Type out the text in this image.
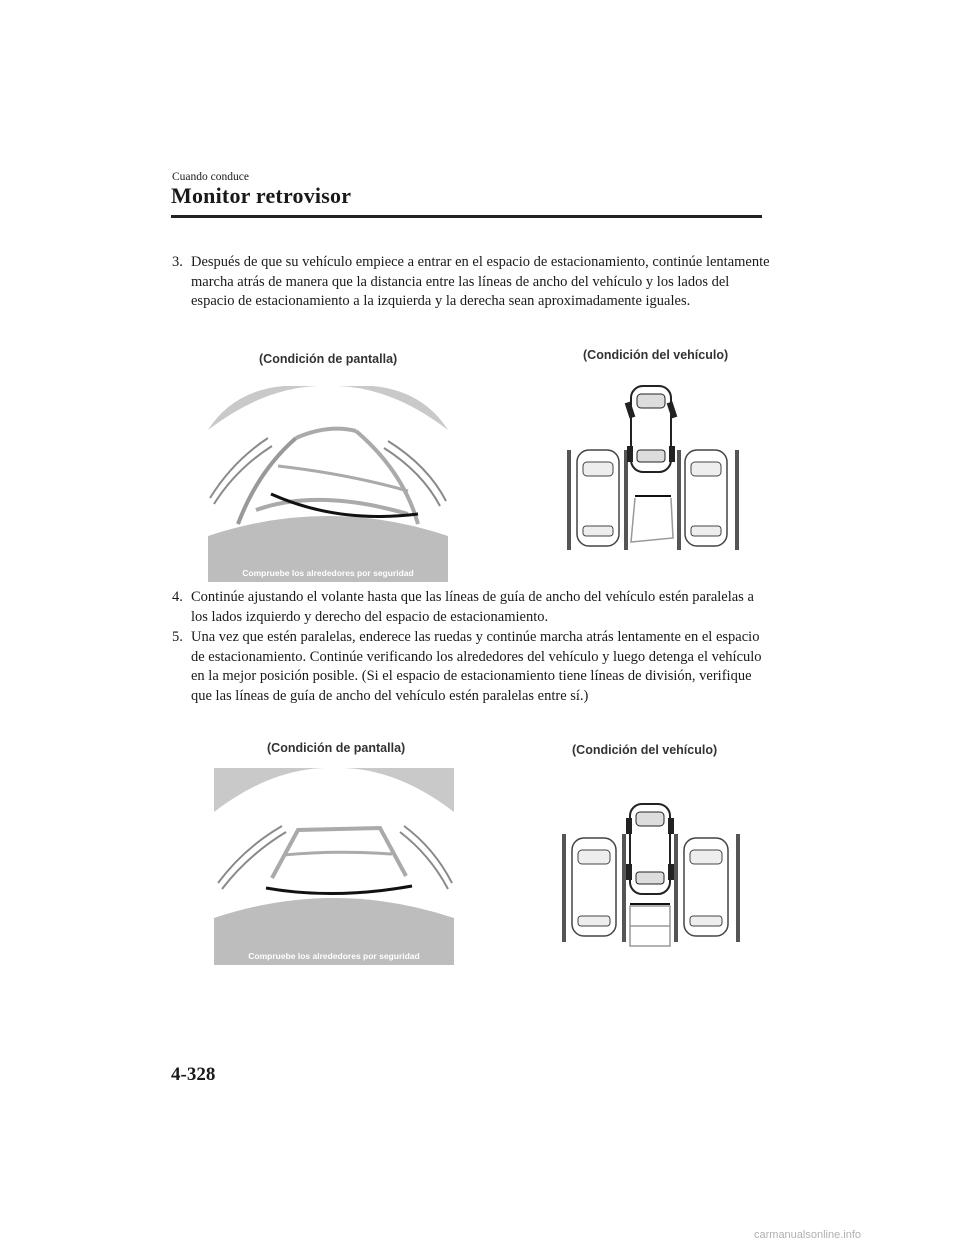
Cuando conduce
Monitor retrovisor
3. Después de que su vehículo empiece a entrar en el espacio de estacionamiento, continúe lentamente marcha atrás de manera que la distancia entre las líneas de ancho del vehículo y los lados del espacio de estacionamiento a la izquierda y la derecha sean aproximadamente iguales.
(Condición de pantalla)	(Condición del vehículo)
Compruebe los alrededores por seguridad
4. Continúe ajustando el volante hasta que las líneas de guía de ancho del vehículo estén paralelas a los lados izquierdo y derecho del espacio de estacionamiento.
5. Una vez que estén paralelas, enderece las ruedas y continúe marcha atrás lentamente en el espacio de estacionamiento. Continúe verificando los alrededores del vehículo y luego detenga el vehículo en la mejor posición posible. (Si el espacio de estacionamiento tiene líneas de división, verifique que las líneas de guía de ancho del vehículo estén paralelas entre sí.)
(Condición de pantalla)	(Condición del vehículo)
Compruebe los alrededores por seguridad
4-328
carmanualsonline.info
